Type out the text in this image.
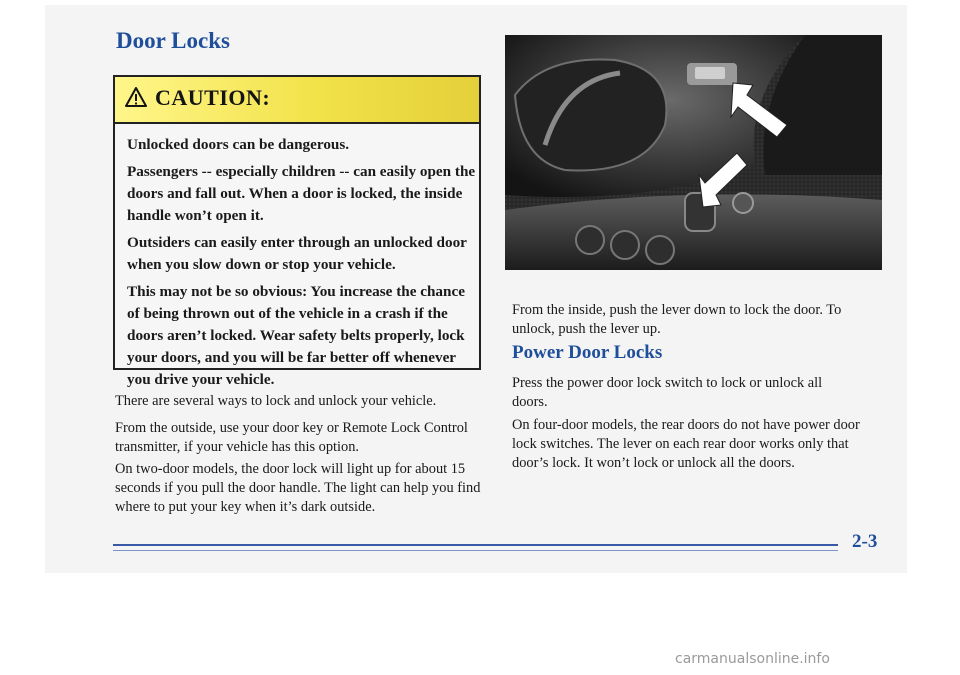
Door Locks
CAUTION:

Unlocked doors can be dangerous.

Passengers -- especially children -- can easily open the doors and fall out. When a door is locked, the inside handle won’t open it.

Outsiders can easily enter through an unlocked door when you slow down or stop your vehicle.

This may not be so obvious: You increase the chance of being thrown out of the vehicle in a crash if the doors aren’t locked. Wear safety belts properly, lock your doors, and you will be far better off whenever you drive your vehicle.

There are several ways to lock and unlock your vehicle.

From the outside, use your door key or Remote Lock Control transmitter, if your vehicle has this option.

On two-door models, the door lock will light up for about 15 seconds if you pull the door handle. The light can help you find where to put your key when it’s dark outside.

From the inside, push the lever down to lock the door. To unlock, push the lever up.

Power Door Locks

Press the power door lock switch to lock or unlock all doors.

On four-door models, the rear doors do not have power door lock switches. The lever on each rear door works only that door’s lock. It won’t lock or unlock all the doors.

2-3

carmanualsonline.info
